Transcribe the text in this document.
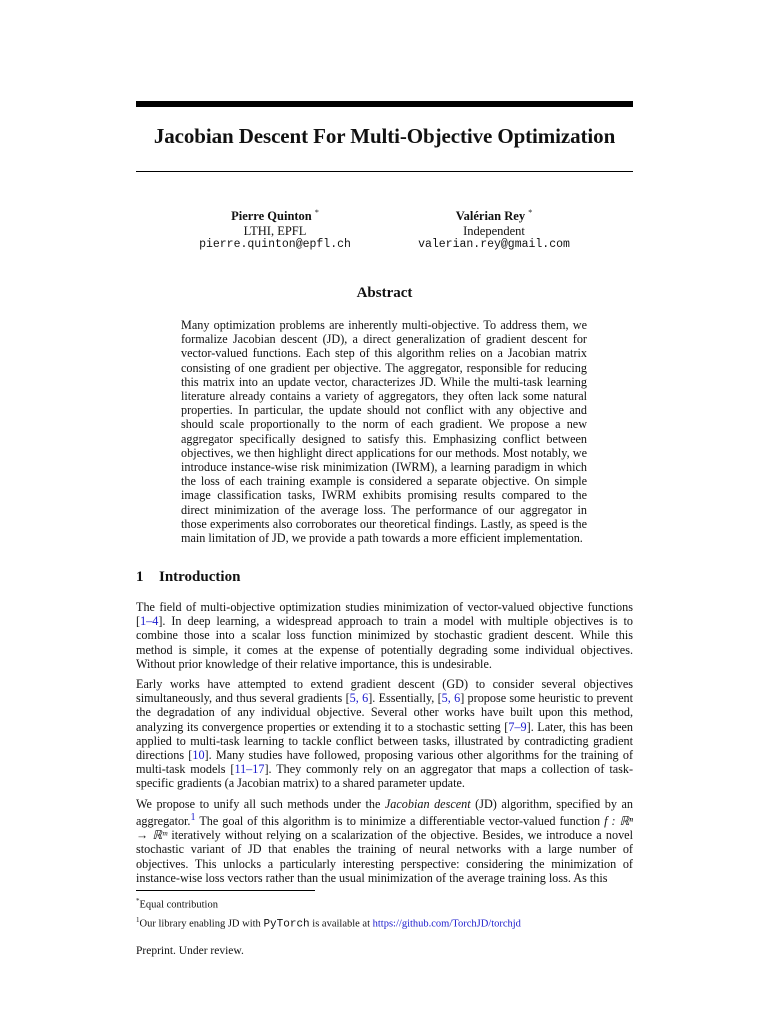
Jacobian Descent For Multi-Objective Optimization
Pierre Quinton *
LTHI, EPFL
pierre.quinton@epfl.ch
Valérian Rey *
Independent
valerian.rey@gmail.com
Abstract
Many optimization problems are inherently multi-objective. To address them, we formalize Jacobian descent (JD), a direct generalization of gradient descent for vector-valued functions. Each step of this algorithm relies on a Jacobian matrix consisting of one gradient per objective. The aggregator, responsible for reducing this matrix into an update vector, characterizes JD. While the multi-task learning literature already contains a variety of aggregators, they often lack some natural properties. In particular, the update should not conflict with any objective and should scale proportionally to the norm of each gradient. We propose a new aggregator specifically designed to satisfy this. Emphasizing conflict between objectives, we then highlight direct applications for our methods. Most notably, we introduce instance-wise risk minimization (IWRM), a learning paradigm in which the loss of each training example is considered a separate objective. On simple image classification tasks, IWRM exhibits promising results compared to the direct minimization of the average loss. The performance of our aggregator in those experiments also corroborates our theoretical findings. Lastly, as speed is the main limitation of JD, we provide a path towards a more efficient implementation.
1 Introduction

The field of multi-objective optimization studies minimization of vector-valued objective functions [1–4]. In deep learning, a widespread approach to train a model with multiple objectives is to combine those into a scalar loss function minimized by stochastic gradient descent. While this method is simple, it comes at the expense of potentially degrading some individual objectives. Without prior knowledge of their relative importance, this is undesirable.

Early works have attempted to extend gradient descent (GD) to consider several objectives simultaneously, and thus several gradients [5, 6]. Essentially, [5, 6] propose some heuristic to prevent the degradation of any individual objective. Several other works have built upon this method, analyzing its convergence properties or extending it to a stochastic setting [7–9]. Later, this has been applied to multi-task learning to tackle conflict between tasks, illustrated by contradicting gradient directions [10]. Many studies have followed, proposing various other algorithms for the training of multi-task models [11–17]. They commonly rely on an aggregator that maps a collection of task-specific gradients (a Jacobian matrix) to a shared parameter update.

We propose to unify all such methods under the Jacobian descent (JD) algorithm, specified by an aggregator.$^1$ The goal of this algorithm is to minimize a differentiable vector-valued function f : ℝⁿ → ℝᵐ iteratively without relying on a scalarization of the objective. Besides, we introduce a novel stochastic variant of JD that enables the training of neural networks with a large number of objectives. This unlocks a particularly interesting perspective: considering the minimization of instance-wise loss vectors rather than the usual minimization of the average training loss. As this

*Equal contribution
$^1$Our library enabling JD with PyTorch is available at https://github.com/TorchJD/torchjd
Preprint. Under review.
